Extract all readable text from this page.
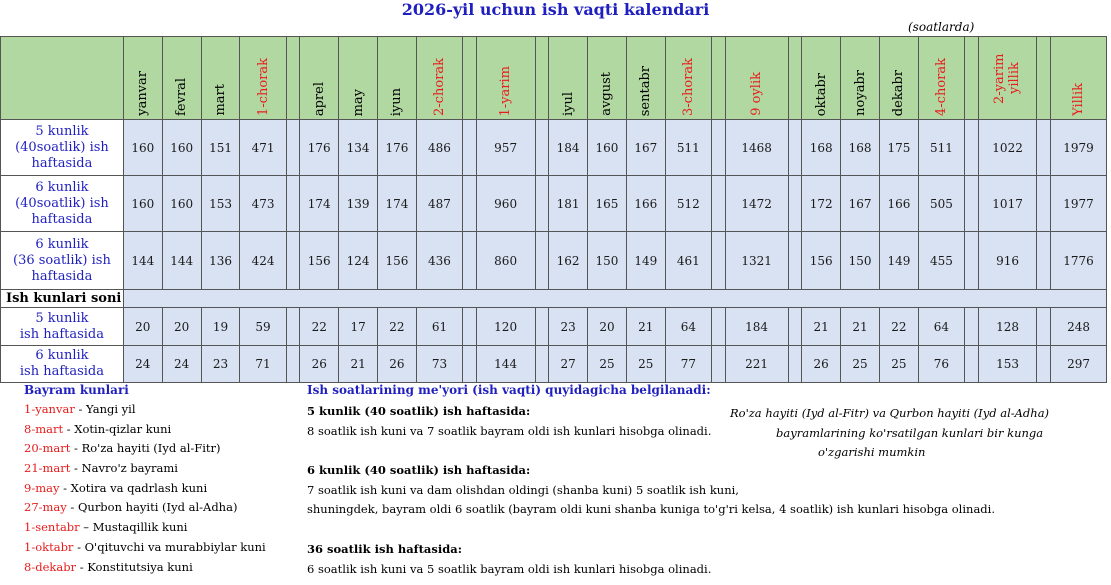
2026-yil uchun ish vaqti kalendari
(soatlarda)
	yanvar	fevral	mart	1-chorak		aprel	may	iyun	2-chorak		1-yarim		iyul	avgust	sentabr	3-chorak		9 oylik		oktabr	noyabr	dekabr	4-chorak		2-yarim yillik		Yillik

5 kunlik
(40soatlik) ish
haftasida	160	160	151	471		176	134	176	486		957		184	160	167	511		1468		168	168	175	511		1022		1979

6 kunlik
(40soatlik) ish
haftasida	160	160	153	473		174	139	174	487		960		181	165	166	512		1472		172	167	166	505		1017		1977

6 kunlik
(36 soatlik) ish
haftasida	144	144	136	424		156	124	156	436		860		162	150	149	461		1321		156	150	149	455		916		1776
Ish kunlari soni																											

5 kunlik
ish haftasida	20	20	19	59		22	17	22	61		120		23	20	21	64		184		21	21	22	64		128		248

6 kunlik
ish haftasida	24	24	23	71		26	21	26	73		144		27	25	25	77		221		26	25	25	76		153		297
Bayram kunlari
1-yanvar - Yangi yil
8-mart - Xotin-qizlar kuni
20-mart - Ro'za hayiti (Iyd al-Fitr)
21-mart - Navro'z bayrami
9-may - Xotira va qadrlash kuni
27-may - Qurbon hayiti (Iyd al-Adha)
1-sentabr – Mustaqillik kuni
1-oktabr - O'qituvchi va murabbiylar kuni
8-dekabr - Konstitutsiya kuni
Ish soatlarining me'yori (ish vaqti) quyidagicha belgilanadi:
5 kunlik (40 soatlik) ish haftasida:
8 soatlik ish kuni va 7 soatlik bayram oldi ish kunlari hisobga olinadi.
6 kunlik (40 soatlik) ish haftasida:
7 soatlik ish kuni va dam olishdan oldingi (shanba kuni) 5 soatlik ish kuni,
shuningdek, bayram oldi 6 soatlik (bayram oldi kuni shanba kuniga to'g'ri kelsa, 4 soatlik) ish kunlari hisobga olinadi.
36 soatlik ish haftasida:
6 soatlik ish kuni va 5 soatlik bayram oldi ish kunlari hisobga olinadi.
Ro'za hayiti (Iyd al-Fitr) va Qurbon hayiti (Iyd al-Adha)
bayramlarining ko'rsatilgan kunlari bir kunga
o'zgarishi mumkin
